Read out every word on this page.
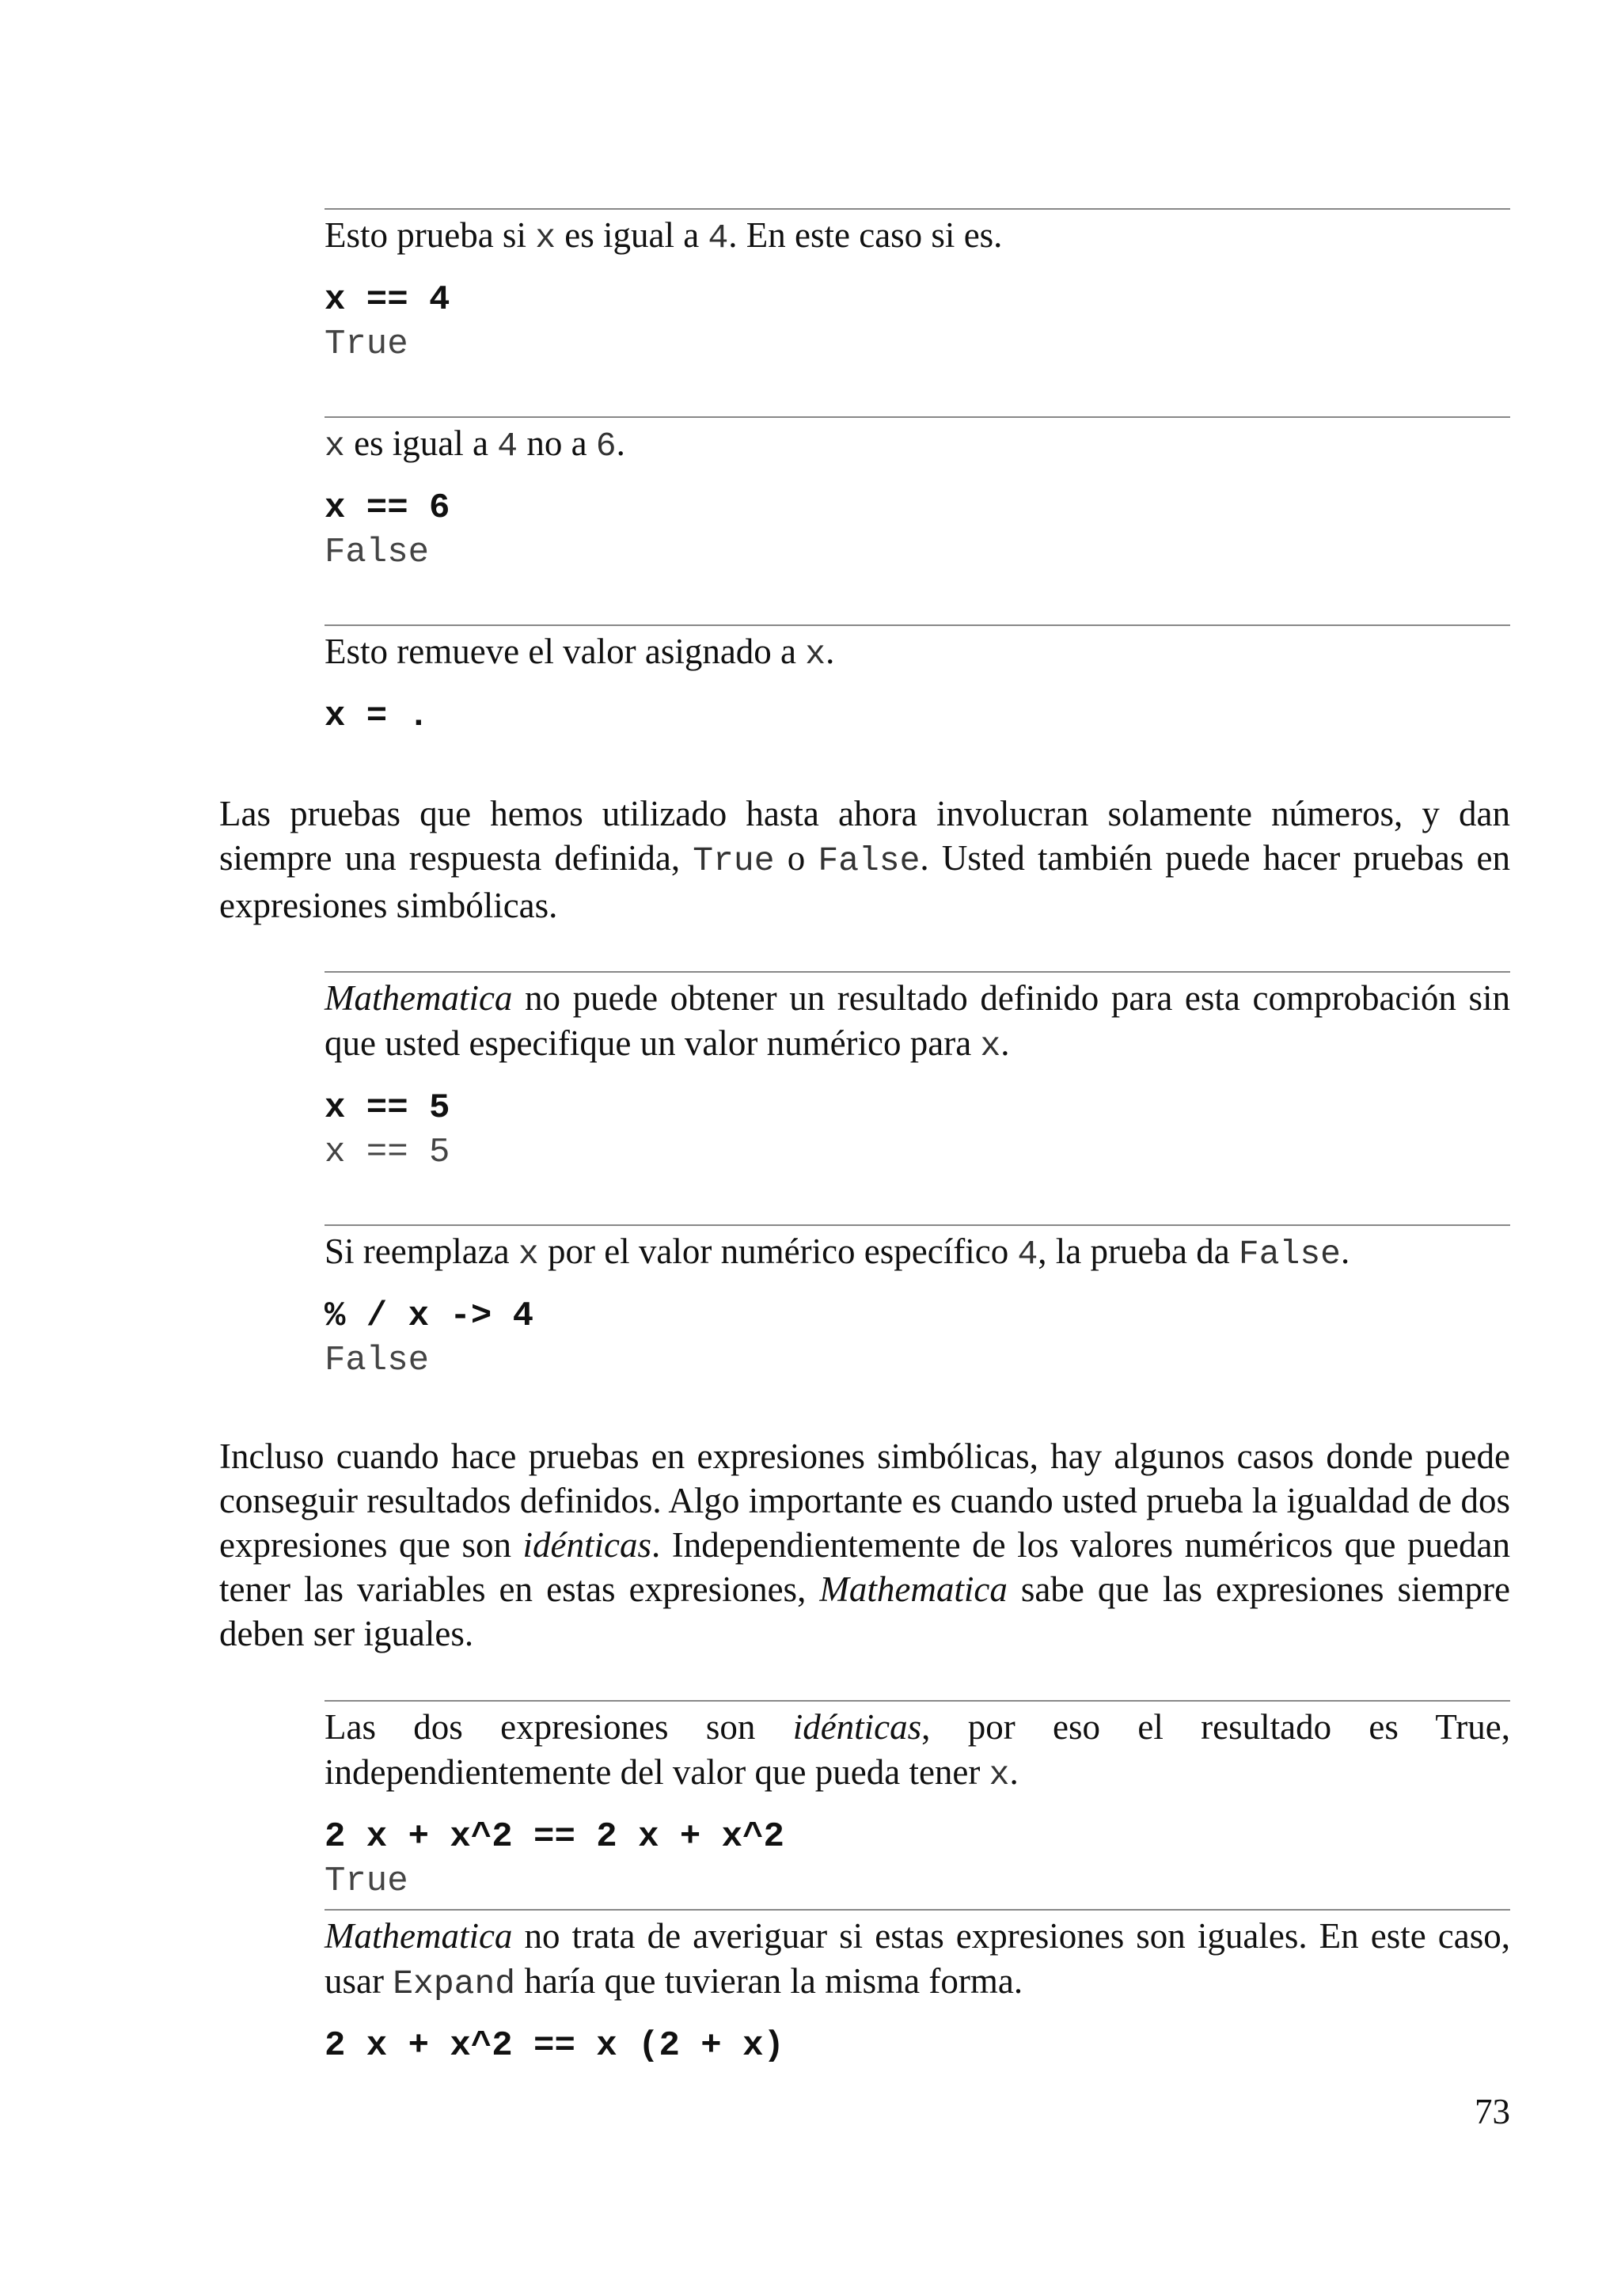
Esto prueba si x es igual a 4. En este caso si es.

x == 4
True

x es igual a 4 no a 6.

x == 6
False

Esto remueve el valor asignado a x.

x = .

Las pruebas que hemos utilizado hasta ahora involucran solamente números, y dan siempre una respuesta definida, True o False. Usted también puede hacer pruebas en expresiones simbólicas.

Mathematica no puede obtener un resultado definido para esta comprobación sin que usted especifique un valor numérico para x.

x == 5
x == 5

Si reemplaza x por el valor numérico específico 4, la prueba da False.

% / x -> 4
False

Incluso cuando hace pruebas en expresiones simbólicas, hay algunos casos donde puede conseguir resultados definidos. Algo importante es cuando usted prueba la igualdad de dos expresiones que son idénticas. Independientemente de los valores numéricos que puedan tener las variables en estas expresiones, Mathematica sabe que las expresiones siempre deben ser iguales.

Las dos expresiones son idénticas, por eso el resultado es True, independientemente del valor que pueda tener x.

2 x + x^2 == 2 x + x^2
True

Mathematica no trata de averiguar si estas expresiones son iguales. En este caso, usar Expand haría que tuvieran la misma forma.

2 x + x^2 == x (2 + x)
73
